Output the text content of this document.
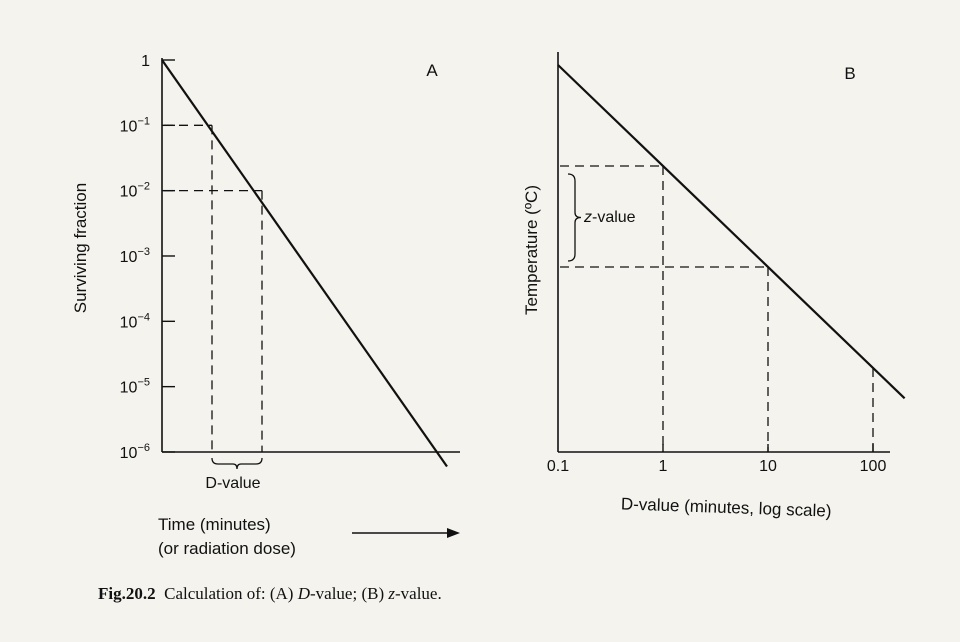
1
$10^{-1}$
$10^{-2}$
$10^{-3}$
$10^{-4}$
$10^{-5}$
$10^{-6}$
D-value
A
Surviving fraction
Time (minutes)
(or radiation dose)
0.1	1	10	100
z-value
B
Temperature (ºC)
D-value (minutes, log scale)
Fig.20.2 Calculation of: (A) D-value; (B) z-value.
